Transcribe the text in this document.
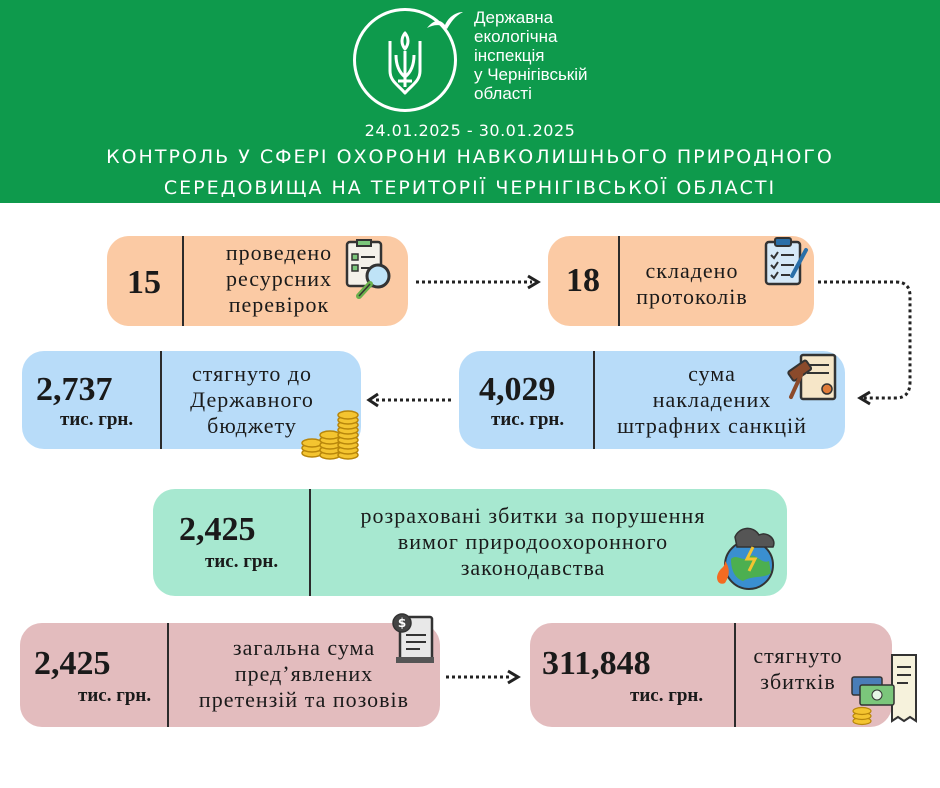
Державна
екологічна
інспекція
у Чернігівській
області
24.01.2025 - 30.01.2025
КОНТРОЛЬ У СФЕРІ ОХОРОНИ НАВКОЛИШНЬОГО ПРИРОДНОГО
СЕРЕДОВИЩА НА ТЕРИТОРІЇ ЧЕРНІГІВСЬКОЇ ОБЛАСТІ
15
проведено
ресурсних
перевірок
18	складено
протоколів
2,737
тис. грн.
стягнуто до
Державного
бюджету
4,029
тис. грн.
сума
накладених
штрафних санкцій
2,425
тис. грн.
розраховані збитки за порушення
вимог природоохоронного
законодавства
2,425
тис. грн.
загальна сума
пред’явлених
претензій та позовів
$
311,848
тис. грн.
стягнуто
збитків
